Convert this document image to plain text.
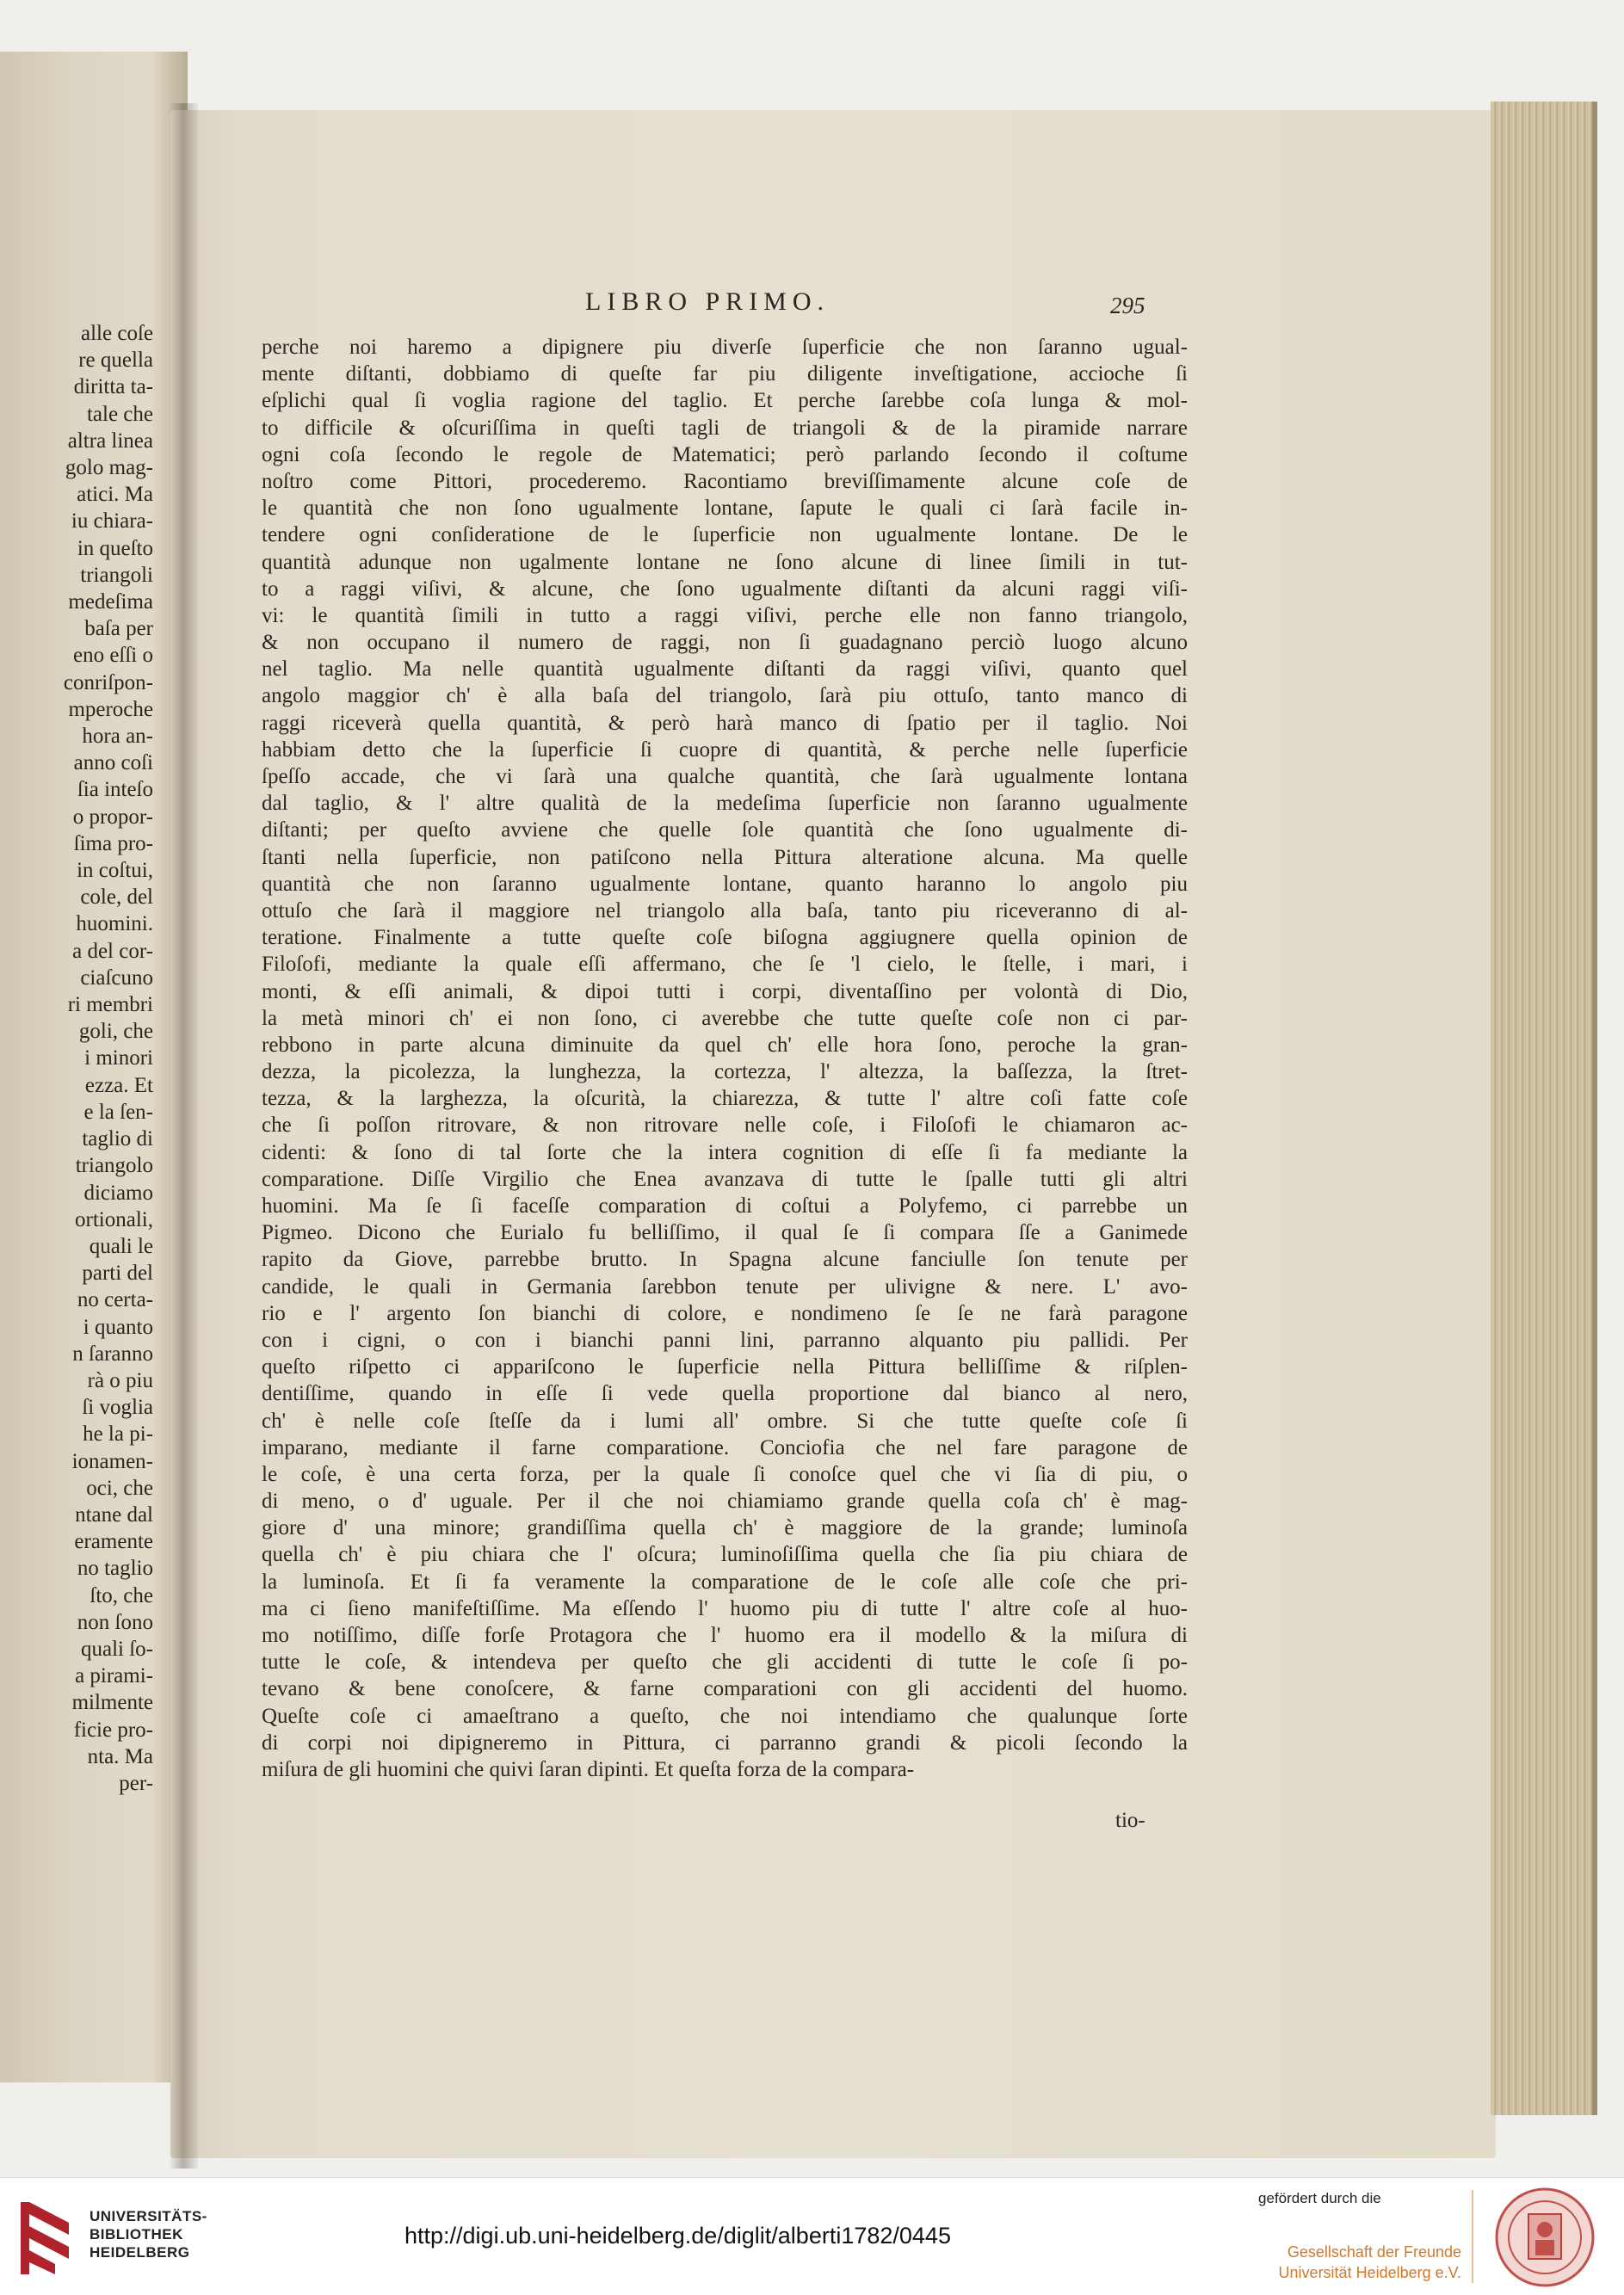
alle coſe
re quella
diritta ta-
tale che
altra linea
golo mag-
atici. Ma
iu chiara-
in queſto
triangoli
medeſima
baſa per
eno eſſi o
conriſpon-
mperoche
hora an-
anno coſi
ſia inteſo
o propor-
ſima pro-
in coſtui,
cole, del
huomini.
a del cor-
ciaſcuno
ri membri
goli, che
i minori
ezza. Et
e la ſen-
taglio di
triangolo
diciamo
ortionali,
quali le
parti del
no certa-
i quanto
n ſaranno
rà o piu
ſi voglia
he la pi-
ionamen-
oci, che
ntane dal
eramente
no taglio
ſto, che
non ſono
quali ſo-
a pirami-
milmente
ficie pro-
nta. Ma
per-
LIBRO PRIMO.	295
perche noi haremo a dipignere piu diverſe ſuperficie che non ſaranno ugual-
mente diſtanti, dobbiamo di queſte far piu diligente inveſtigatione, accioche ſi
eſplichi qual ſi voglia ragione del taglio. Et perche ſarebbe coſa lunga & mol-
to difficile & oſcuriſſima in queſti tagli de triangoli & de la piramide narrare
ogni coſa ſecondo le regole de Matematici; però parlando ſecondo il coſtume
noſtro come Pittori, procederemo. Racontiamo breviſſimamente alcune coſe de
le quantità che non ſono ugualmente lontane, ſapute le quali ci ſarà facile in-
tendere ogni conſideratione de le ſuperficie non ugualmente lontane. De le
quantità adunque non ugalmente lontane ne ſono alcune di linee ſimili in tut-
to a raggi viſivi, & alcune, che ſono ugualmente diſtanti da alcuni raggi viſi-
vi: le quantità ſimili in tutto a raggi viſivi, perche elle non fanno triangolo,
& non occupano il numero de raggi, non ſi guadagnano perciò luogo alcuno
nel taglio. Ma nelle quantità ugualmente diſtanti da raggi viſivi, quanto quel
angolo maggior ch' è alla baſa del triangolo, ſarà piu ottuſo, tanto manco di
raggi riceverà quella quantità, & però harà manco di ſpatio per il taglio. Noi
habbiam detto che la ſuperficie ſi cuopre di quantità, & perche nelle ſuperficie
ſpeſſo accade, che vi ſarà una qualche quantità, che ſarà ugualmente lontana
dal taglio, & l' altre qualità de la medeſima ſuperficie non ſaranno ugualmente
diſtanti; per queſto avviene che quelle ſole quantità che ſono ugualmente di-
ſtanti nella ſuperficie, non patiſcono nella Pittura alteratione alcuna. Ma quelle
quantità che non ſaranno ugualmente lontane, quanto haranno lo angolo piu
ottuſo che ſarà il maggiore nel triangolo alla baſa, tanto piu riceveranno di al-
teratione. Finalmente a tutte queſte coſe biſogna aggiugnere quella opinion de
Filoſofi, mediante la quale eſſi affermano, che ſe 'l cielo, le ſtelle, i mari, i
monti, & eſſi animali, & dipoi tutti i corpi, diventaſſino per volontà di Dio,
la metà minori ch' ei non ſono, ci averebbe che tutte queſte coſe non ci par-
rebbono in parte alcuna diminuite da quel ch' elle hora ſono, peroche la gran-
dezza, la picolezza, la lunghezza, la cortezza, l' altezza, la baſſezza, la ſtret-
tezza, & la larghezza, la oſcurità, la chiarezza, & tutte l' altre coſi fatte coſe
che ſi poſſon ritrovare, & non ritrovare nelle coſe, i Filoſofi le chiamaron ac-
cidenti: & ſono di tal ſorte che la intera cognition di eſſe ſi fa mediante la
comparatione. Diſſe Virgilio che Enea avanzava di tutte le ſpalle tutti gli altri
huomini. Ma ſe ſi faceſſe comparation di coſtui a Polyfemo, ci parrebbe un
Pigmeo. Dicono che Eurialo fu belliſſimo, il qual ſe ſi compara ſſe a Ganimede
rapito da Giove, parrebbe brutto. In Spagna alcune fanciulle ſon tenute per
candide, le quali in Germania ſarebbon tenute per ulivigne & nere. L' avo-
rio e l' argento ſon bianchi di colore, e nondimeno ſe ſe ne farà paragone
con i cigni, o con i bianchi panni lini, parranno alquanto piu pallidi. Per
queſto riſpetto ci appariſcono le ſuperficie nella Pittura belliſſime & riſplen-
dentiſſime, quando in eſſe ſi vede quella proportione dal bianco al nero,
ch' è nelle coſe ſteſſe da i lumi all' ombre. Si che tutte queſte coſe ſi
imparano, mediante il farne comparatione. Conciofia che nel fare paragone de
le coſe, è una certa forza, per la quale ſi conoſce quel che vi ſia di piu, o
di meno, o d' uguale. Per il che noi chiamiamo grande quella coſa ch' è mag-
giore d' una minore; grandiſſima quella ch' è maggiore de la grande; luminoſa
quella ch' è piu chiara che l' oſcura; luminoſiſſima quella che ſia piu chiara de
la luminoſa. Et ſi fa veramente la comparatione de le coſe alle coſe che pri-
ma ci ſieno manifeſtiſſime. Ma eſſendo l' huomo piu di tutte l' altre coſe al huo-
mo notiſſimo, diſſe forſe Protagora che l' huomo era il modello & la miſura di
tutte le coſe, & intendeva per queſto che gli accidenti di tutte le coſe ſi po-
tevano & bene conoſcere, & farne comparationi con gli accidenti del huomo.
Queſte coſe ci amaeſtrano a queſto, che noi intendiamo che qualunque ſorte
di corpi noi dipigneremo in Pittura, ci parranno grandi & picoli ſecondo la
miſura de gli huomini che quivi ſaran dipinti. Et queſta forza de la compara-
tio-
UNIVERSITÄTS-
BIBLIOTHEK
HEIDELBERG
http://digi.ub.uni-heidelberg.de/diglit/alberti1782/0445
gefördert durch die
Gesellschaft der Freunde
Universität Heidelberg e.V.
